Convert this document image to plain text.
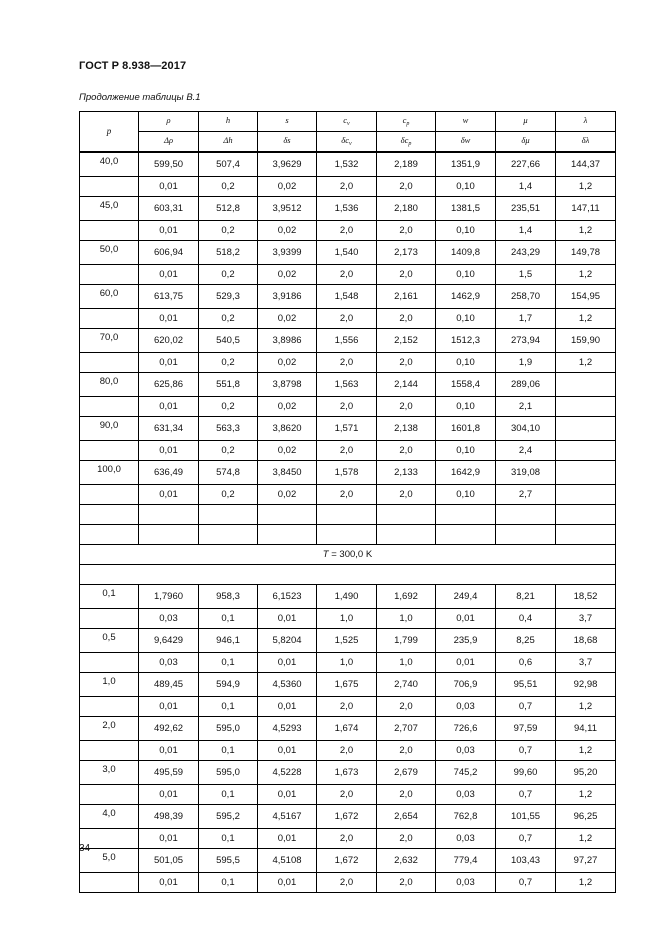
ГОСТ Р 8.938—2017
Продолжение таблицы В.1
p	ρ	h	s	$c_v$	$c_p$	w	μ	λ
	Δρ	Δh	δs	$\delta c_v$	$\delta c_p$	δw	δμ	δλ
40,0	599,50	507,4	3,9629	1,532	2,189	1351,9	227,66	144,37
	0,01	0,2	0,02	2,0	2,0	0,10	1,4	1,2
45,0	603,31	512,8	3,9512	1,536	2,180	1381,5	235,51	147,11
	0,01	0,2	0,02	2,0	2,0	0,10	1,4	1,2
50,0	606,94	518,2	3,9399	1,540	2,173	1409,8	243,29	149,78
	0,01	0,2	0,02	2,0	2,0	0,10	1,5	1,2
60,0	613,75	529,3	3,9186	1,548	2,161	1462,9	258,70	154,95
	0,01	0,2	0,02	2,0	2,0	0,10	1,7	1,2
70,0	620,02	540,5	3,8986	1,556	2,152	1512,3	273,94	159,90
	0,01	0,2	0,02	2,0	2,0	0,10	1,9	1,2
80,0	625,86	551,8	3,8798	1,563	2,144	1558,4	289,06	
	0,01	0,2	0,02	2,0	2,0	0,10	2,1	
90,0	631,34	563,3	3,8620	1,571	2,138	1601,8	304,10	
	0,01	0,2	0,02	2,0	2,0	0,10	2,4	
100,0	636,49	574,8	3,8450	1,578	2,133	1642,9	319,08	
	0,01	0,2	0,02	2,0	2,0	0,10	2,7	

T = 300,0 K								

0,1	1,7960	958,3	6,1523	1,490	1,692	249,4	8,21	18,52
	0,03	0,1	0,01	1,0	1,0	0,01	0,4	3,7
0,5	9,6429	946,1	5,8204	1,525	1,799	235,9	8,25	18,68
	0,03	0,1	0,01	1,0	1,0	0,01	0,6	3,7
1,0	489,45	594,9	4,5360	1,675	2,740	706,9	95,51	92,98
	0,01	0,1	0,01	2,0	2,0	0,03	0,7	1,2
2,0	492,62	595,0	4,5293	1,674	2,707	726,6	97,59	94,11
	0,01	0,1	0,01	2,0	2,0	0,03	0,7	1,2
3,0	495,59	595,0	4,5228	1,673	2,679	745,2	99,60	95,20
	0,01	0,1	0,01	2,0	2,0	0,03	0,7	1,2
4,0	498,39	595,2	4,5167	1,672	2,654	762,8	101,55	96,25
	0,01	0,1	0,01	2,0	2,0	0,03	0,7	1,2
5,0	501,05	595,5	4,5108	1,672	2,632	779,4	103,43	97,27
	0,01	0,1	0,01	2,0	2,0	0,03	0,7	1,2
34
